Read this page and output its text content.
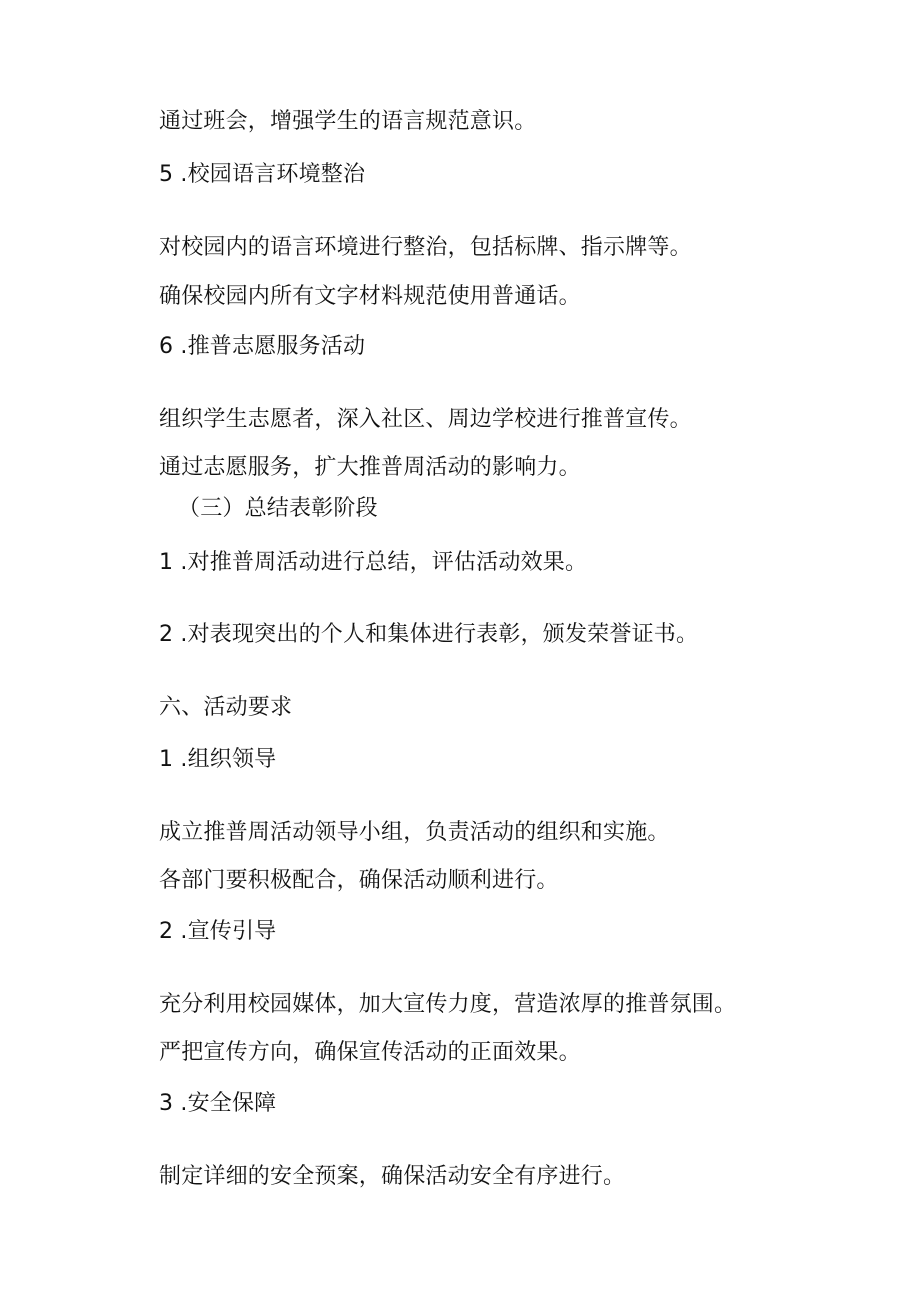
通过班会，增强学生的语言规范意识。
5 .校园语言环境整治
对校园内的语言环境进行整治，包括标牌、指示牌等。
确保校园内所有文字材料规范使用普通话。
6 .推普志愿服务活动
组织学生志愿者，深入社区、周边学校进行推普宣传。
通过志愿服务，扩大推普周活动的影响力。
（三）总结表彰阶段
1 .对推普周活动进行总结，评估活动效果。
2 .对表现突出的个人和集体进行表彰，颁发荣誉证书。
六、活动要求
1 .组织领导
成立推普周活动领导小组，负责活动的组织和实施。
各部门要积极配合，确保活动顺利进行。
2 .宣传引导
充分利用校园媒体，加大宣传力度，营造浓厚的推普氛围。
严把宣传方向，确保宣传活动的正面效果。
3 .安全保障
制定详细的安全预案，确保活动安全有序进行。
